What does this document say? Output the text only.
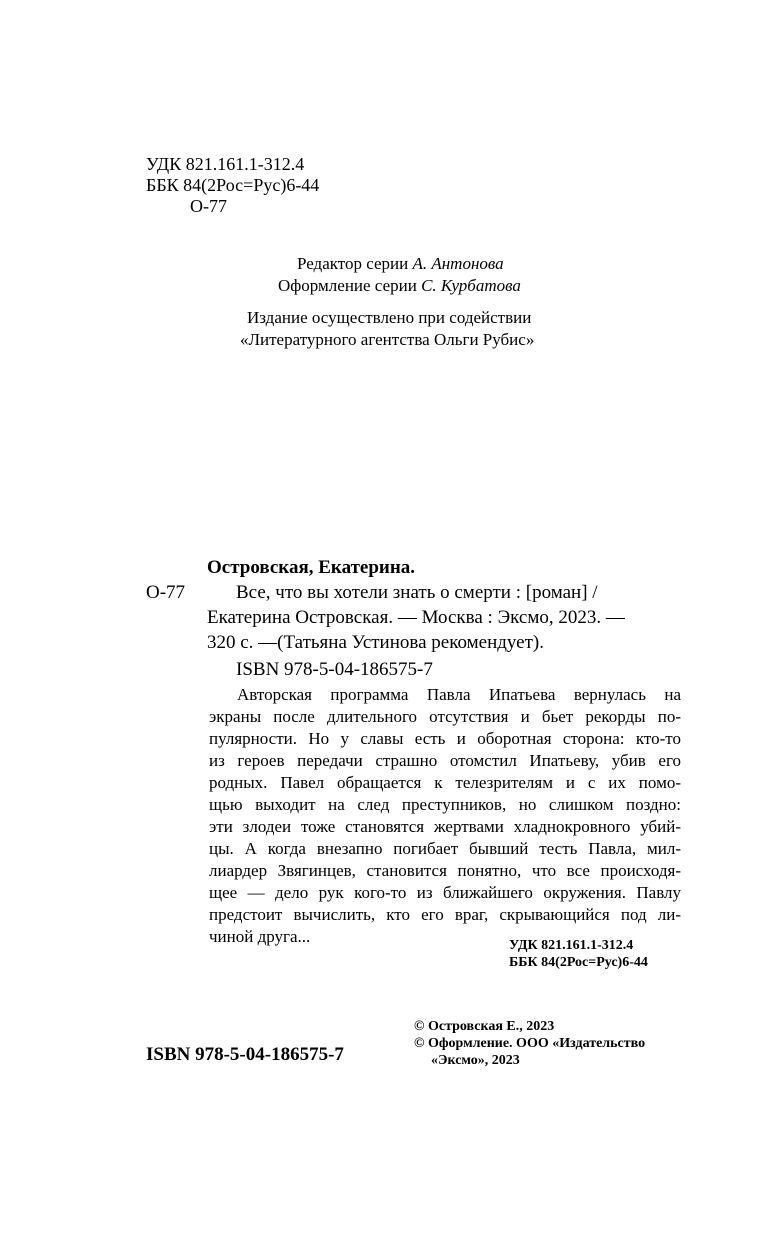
УДК 821.161.1-312.4
ББК 84(2Рос=Рус)6-44
О-77
Редактор серии А. Антонова
Оформление серии С. Курбатова
Издание осуществлено при содействии
«Литературного агентства Ольги Рубис»
Островская, Екатерина.
О-77	Все, что вы хотели знать о смерти : [роман] /
Екатерина Островская. — Москва : Эксмо, 2023. —
320 с. —(Татьяна Устинова рекомендует).
ISBN 978-5-04-186575-7
Авторская программа Павла Ипатьева вернулась на
экраны после длительного отсутствия и бьет рекорды по-
пулярности. Но у славы есть и оборотная сторона: кто-то
из героев передачи страшно отомстил Ипатьеву, убив его
родных. Павел обращается к телезрителям и с их помо-
щью выходит на след преступников, но слишком поздно:
эти злодеи тоже становятся жертвами хладнокровного убий-
цы. А когда внезапно погибает бывший тесть Павла, мил-
лиардер Звягинцев, становится понятно, что все происходя-
щее — дело рук кого-то из ближайшего окружения. Павлу
предстоит вычислить, кто его враг, скрывающийся под ли-
чиной друга...	УДК 821.161.1-312.4
ББК 84(2Рос=Рус)6-44
ISBN 978-5-04-186575-7
© Островская Е., 2023
© Оформление. ООО «Издательство
«Эксмо», 2023
